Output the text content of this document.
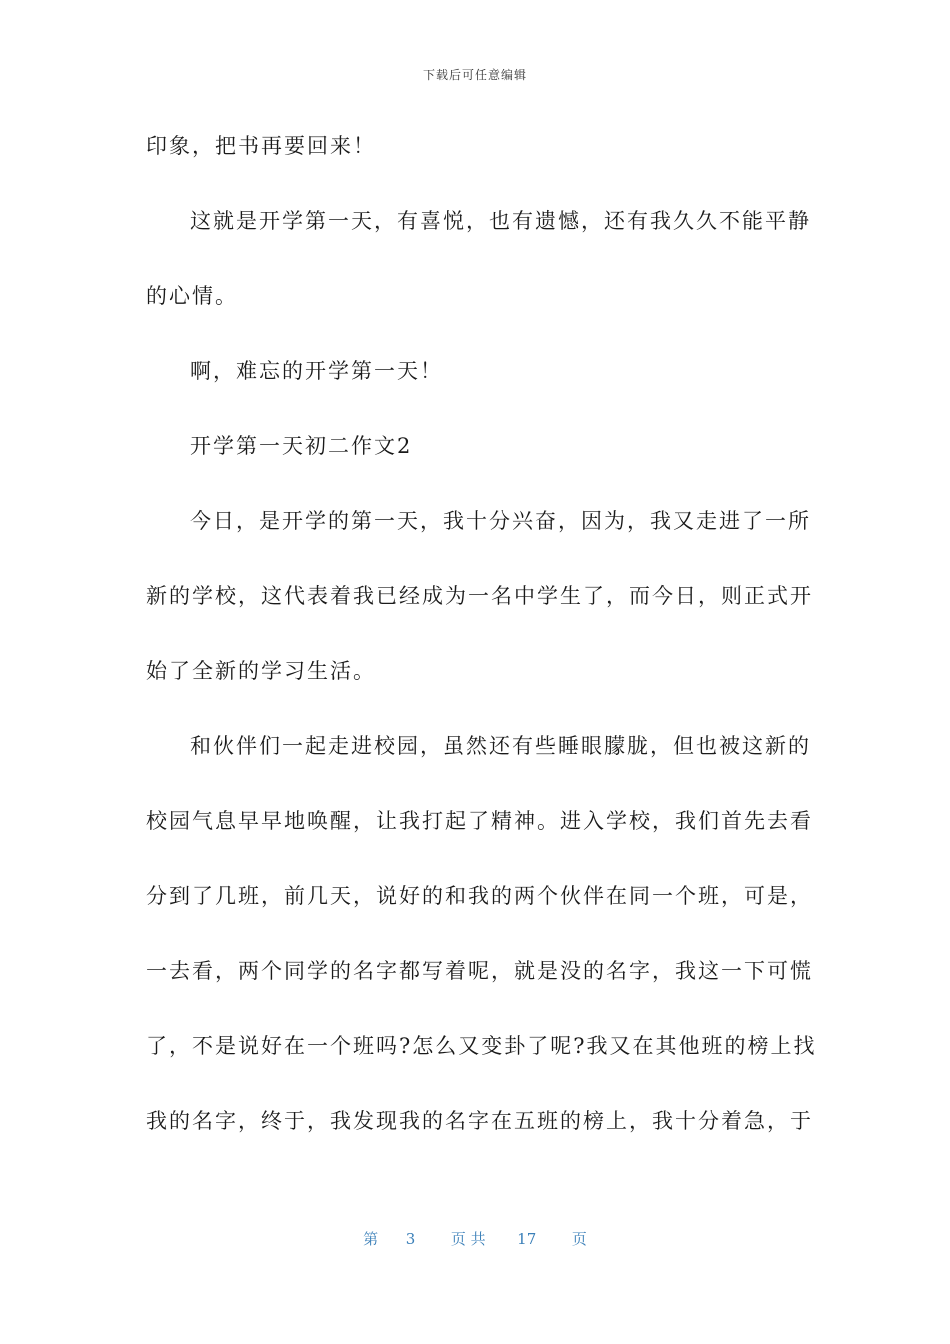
下载后可任意编辑
印象，把书再要回来！
这就是开学第一天，有喜悦，也有遗憾，还有我久久不能平静
的心情。
啊，难忘的开学第一天！
开学第一天初二作文2
今日，是开学的第一天，我十分兴奋，因为，我又走进了一所
新的学校，这代表着我已经成为一名中学生了，而今日，则正式开
始了全新的学习生活。
和伙伴们一起走进校园，虽然还有些睡眼朦胧，但也被这新的
校园气息早早地唤醒，让我打起了精神。进入学校，我们首先去看
分到了几班，前几天，说好的和我的两个伙伴在同一个班，可是，
一去看，两个同学的名字都写着呢，就是没的名字，我这一下可慌
了，不是说好在一个班吗?怎么又变卦了呢?我又在其他班的榜上找
我的名字，终于，我发现我的名字在五班的榜上，我十分着急，于
第 3 页 共 17 页
